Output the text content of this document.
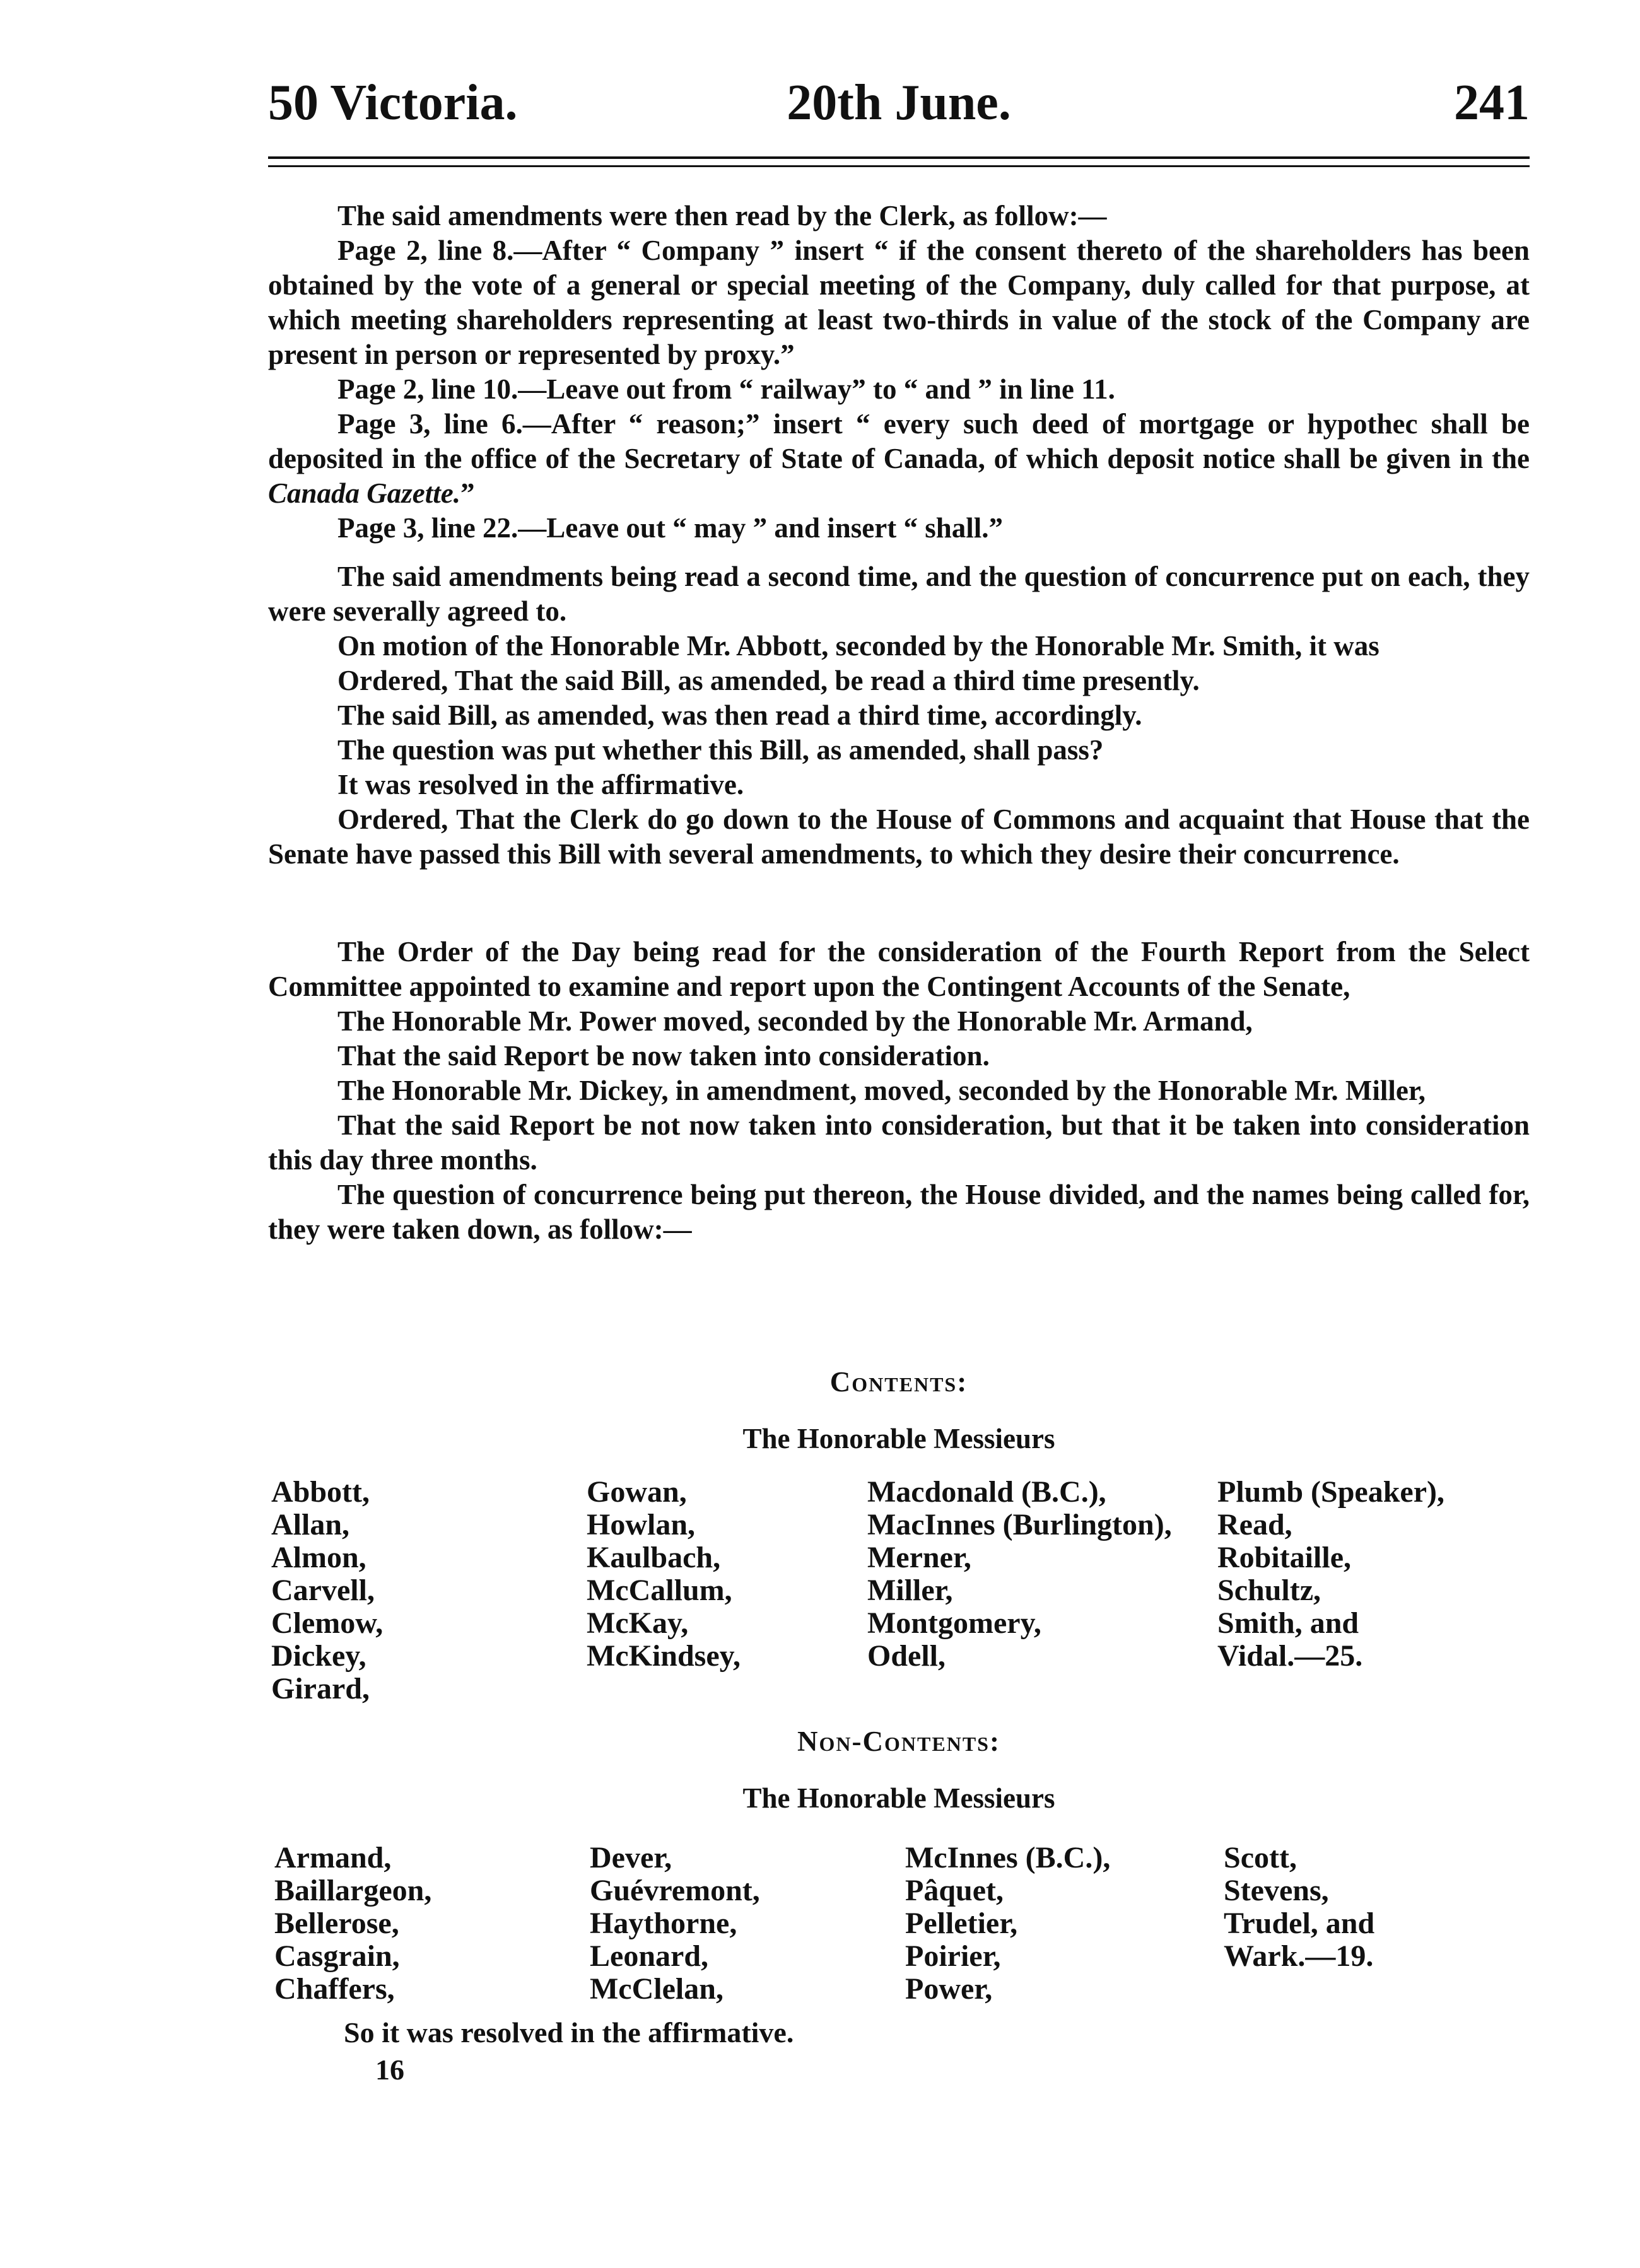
50 Victoria.	20th June.	241

The said amendments were then read by the Clerk, as follow:—

Page 2, line 8.—After “ Company ” insert “ if the consent thereto of the shareholders has been obtained by the vote of a general or special meeting of the Company, duly called for that purpose, at which meeting shareholders representing at least two-thirds in value of the stock of the Company are present in person or represented by proxy.”

Page 2, line 10.—Leave out from “ railway” to “ and ” in line 11.

Page 3, line 6.—After “ reason;” insert “ every such deed of mortgage or hypothec shall be deposited in the office of the Secretary of State of Canada, of which deposit notice shall be given in the Canada Gazette.”

Page 3, line 22.—Leave out “ may ” and insert “ shall.”

The said amendments being read a second time, and the question of concurrence put on each, they were severally agreed to.

On motion of the Honorable Mr. Abbott, seconded by the Honorable Mr. Smith, it was

Ordered, That the said Bill, as amended, be read a third time presently.

The said Bill, as amended, was then read a third time, accordingly.

The question was put whether this Bill, as amended, shall pass?

It was resolved in the affirmative.

Ordered, That the Clerk do go down to the House of Commons and acquaint that House that the Senate have passed this Bill with several amendments, to which they desire their concurrence.

The Order of the Day being read for the consideration of the Fourth Report from the Select Committee appointed to examine and report upon the Contingent Accounts of the Senate,

The Honorable Mr. Power moved, seconded by the Honorable Mr. Armand,

That the said Report be now taken into consideration.

The Honorable Mr. Dickey, in amendment, moved, seconded by the Honorable Mr. Miller,

That the said Report be not now taken into consideration, but that it be taken into consideration this day three months.

The question of concurrence being put thereon, the House divided, and the names being called for, they were taken down, as follow:—

Contents:
The Honorable Messieurs
Abbott,
Allan,
Almon,
Carvell,
Clemow,
Dickey,
Girard,
Gowan,
Howlan,
Kaulbach,
McCallum,
McKay,
McKindsey,
Macdonald (B.C.),
MacInnes (Burlington),
Merner,
Miller,
Montgomery,
Odell,
Plumb (Speaker),
Read,
Robitaille,
Schultz,
Smith, and
Vidal.—25.
Non-Contents:
The Honorable Messieurs
Armand,
Baillargeon,
Bellerose,
Casgrain,
Chaffers,
Dever,
Guévremont,
Haythorne,
Leonard,
McClelan,
McInnes (B.C.),
Pâquet,
Pelletier,
Poirier,
Power,
Scott,
Stevens,
Trudel, and
Wark.—19.
So it was resolved in the affirmative.
16
